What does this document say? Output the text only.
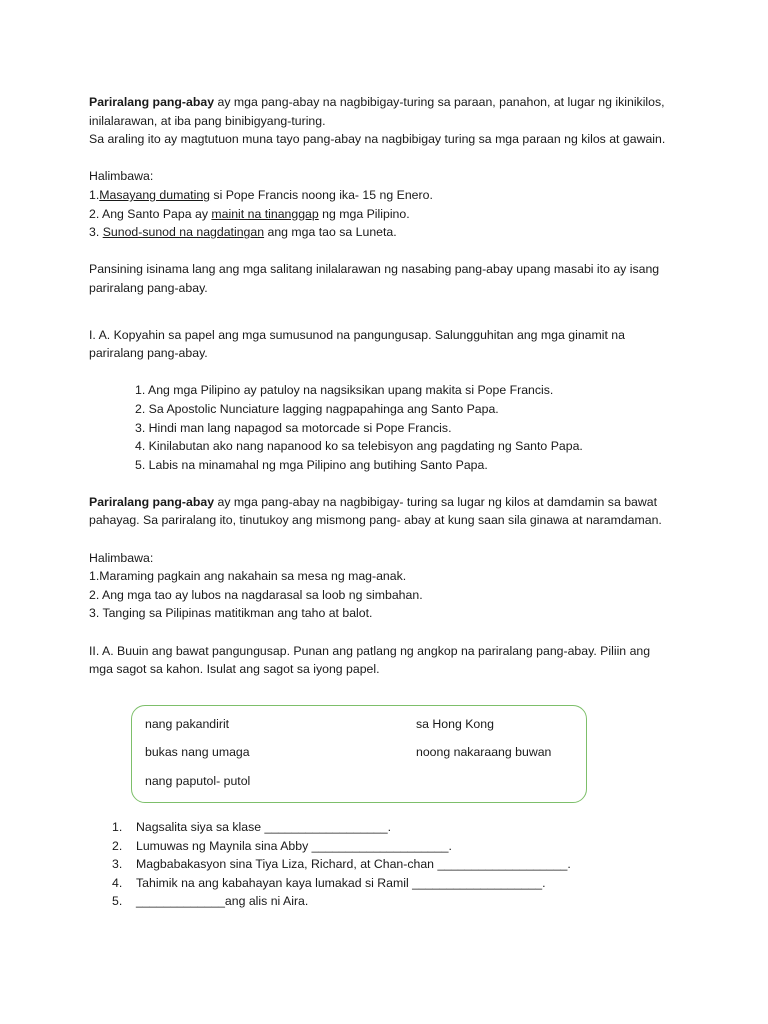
Pariralang pang-abay ay mga pang-abay na nagbibigay-turing sa paraan, panahon, at lugar ng ikinikilos,

inilalarawan, at iba pang binibigyang-turing.

Sa araling ito ay magtutuon muna tayo pang-abay na nagbibigay turing sa mga paraan ng kilos at gawain.

Halimbawa:

1.Masayang dumating si Pope Francis noong ika- 15 ng Enero.

2. Ang Santo Papa ay mainit na tinanggap ng mga Pilipino.

3. Sunod-sunod na nagdatingan ang mga tao sa Luneta.

Pansining isinama lang ang mga salitang inilalarawan ng nasabing pang-abay upang masabi ito ay isang

pariralang pang-abay.

I. A. Kopyahin sa papel ang mga sumusunod na pangungusap. Salungguhitan ang mga ginamit na

pariralang pang-abay.

1. Ang mga Pilipino ay patuloy na nagsiksikan upang makita si Pope Francis.

2. Sa Apostolic Nunciature lagging nagpapahinga ang Santo Papa.

3. Hindi man lang napagod sa motorcade si Pope Francis.

4. Kinilabutan ako nang napanood ko sa telebisyon ang pagdating ng Santo Papa.

5. Labis na minamahal ng mga Pilipino ang butihing Santo Papa.

Pariralang pang-abay ay mga pang-abay na nagbibigay- turing sa lugar ng kilos at damdamin sa bawat

pahayag. Sa pariralang ito, tinutukoy ang mismong pang- abay at kung saan sila ginawa at naramdaman.

Halimbawa:

1.Maraming pagkain ang nakahain sa mesa ng mag-anak.

2. Ang mga tao ay lubos na nagdarasal sa loob ng simbahan.

3. Tanging sa Pilipinas matitikman ang taho at balot.

II. A. Buuin ang bawat pangungusap. Punan ang patlang ng angkop na pariralang pang-abay. Piliin ang

mga sagot sa kahon. Isulat ang sagot sa iyong papel.

nang pakandirit	sa Hong Kong
bukas nang umaga	noong nakaraang buwan
nang paputol- putol
1.	Nagsalita siya sa klase __________________.
2.	Lumuwas ng Maynila sina Abby ____________________.
3.	Magbabakasyon sina Tiya Liza, Richard, at Chan-chan ___________________.
4.	Tahimik na ang kabahayan kaya lumakad si Ramil ___________________.
5.	_____________ang alis ni Aira.
